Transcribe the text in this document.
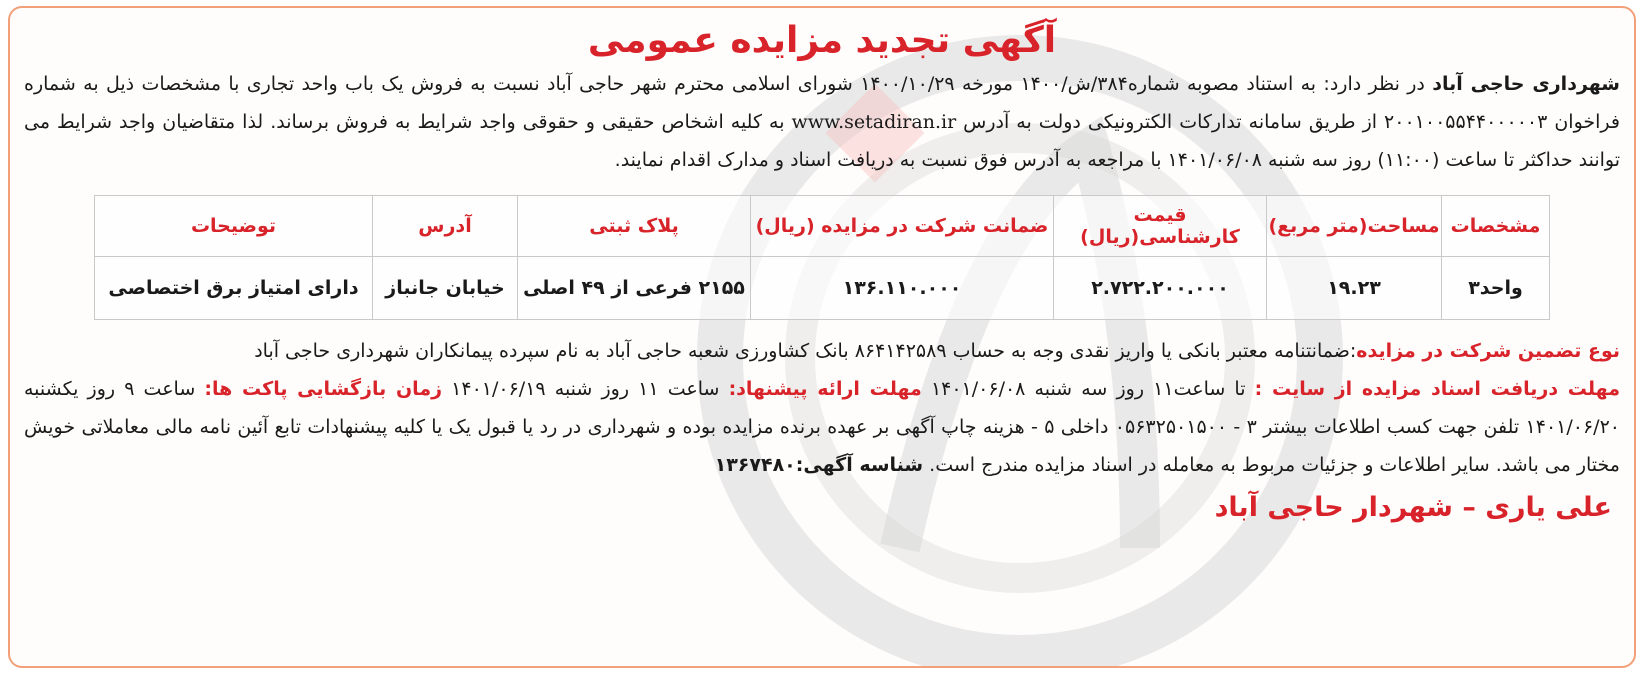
آگهی تجدید مزایده عمومی
شهرداری حاجی آباد در نظر دارد: به استناد مصوبه شماره۳۸۴/ش/۱۴۰۰ مورخه ۱۴۰۰/۱۰/۲۹ شورای اسلامی محترم شهر حاجی آباد نسبت به فروش یک باب واحد تجاری با مشخصات ذیل به شماره فراخوان ۲۰۰۱۰۰۵۵۴۴۰۰۰۰۰۳ از طریق سامانه تدارکات الکترونیکی دولت به آدرس www.setadiran.ir به کلیه اشخاص حقیقی و حقوقی واجد شرایط به فروش برساند. لذا متقاضیان واجد شرایط می توانند حداکثر تا ساعت (۱۱:۰۰) روز سه شنبه ۱۴۰۱/۰۶/۰۸ با مراجعه به آدرس فوق نسبت به دریافت اسناد و مدارک اقدام نمایند.
مشخصات	مساحت(متر مربع)	قیمت کارشناسی(ریال)	ضمانت شرکت در مزایده (ریال)	پلاک ثبتی	آدرس	توضیحات
واحد۳	۱۹.۲۳	۲.۷۲۲.۲۰۰.۰۰۰	۱۳۶.۱۱۰.۰۰۰	۲۱۵۵ فرعی از ۴۹ اصلی	خیابان جانباز	دارای امتیاز برق اختصاصی
نوع تضمین شرکت در مزایده:ضمانتنامه معتبر بانکی یا واریز نقدی وجه به حساب ۸۶۴۱۴۲۵۸۹ بانک کشاورزی شعبه حاجی آباد به نام سپرده پیمانکاران شهرداری حاجی آباد
مهلت دریافت اسناد مزایده از سایت : تا ساعت۱۱ روز سه شنبه ۱۴۰۱/۰۶/۰۸ مهلت ارائه پیشنهاد: ساعت ۱۱ روز شنبه ۱۴۰۱/۰۶/۱۹ زمان بازگشایی پاکت ها: ساعت ۹ روز یکشنبه ۱۴۰۱/۰۶/۲۰ تلفن جهت کسب اطلاعات بیشتر ۳ - ۰۵۶۳۲۵۰۱۵۰۰ داخلی ۵ - هزینه چاپ آگهی بر عهده برنده مزایده بوده و شهرداری در رد یا قبول یک یا کلیه پیشنهادات تابع آئین نامه مالی معاملاتی خویش مختار می باشد. سایر اطلاعات و جزئیات مربوط به معامله در اسناد مزایده مندرج است. شناسه آگهی:۱۳۶۷۴۸۰
علی یاری – شهردار حاجی آباد
